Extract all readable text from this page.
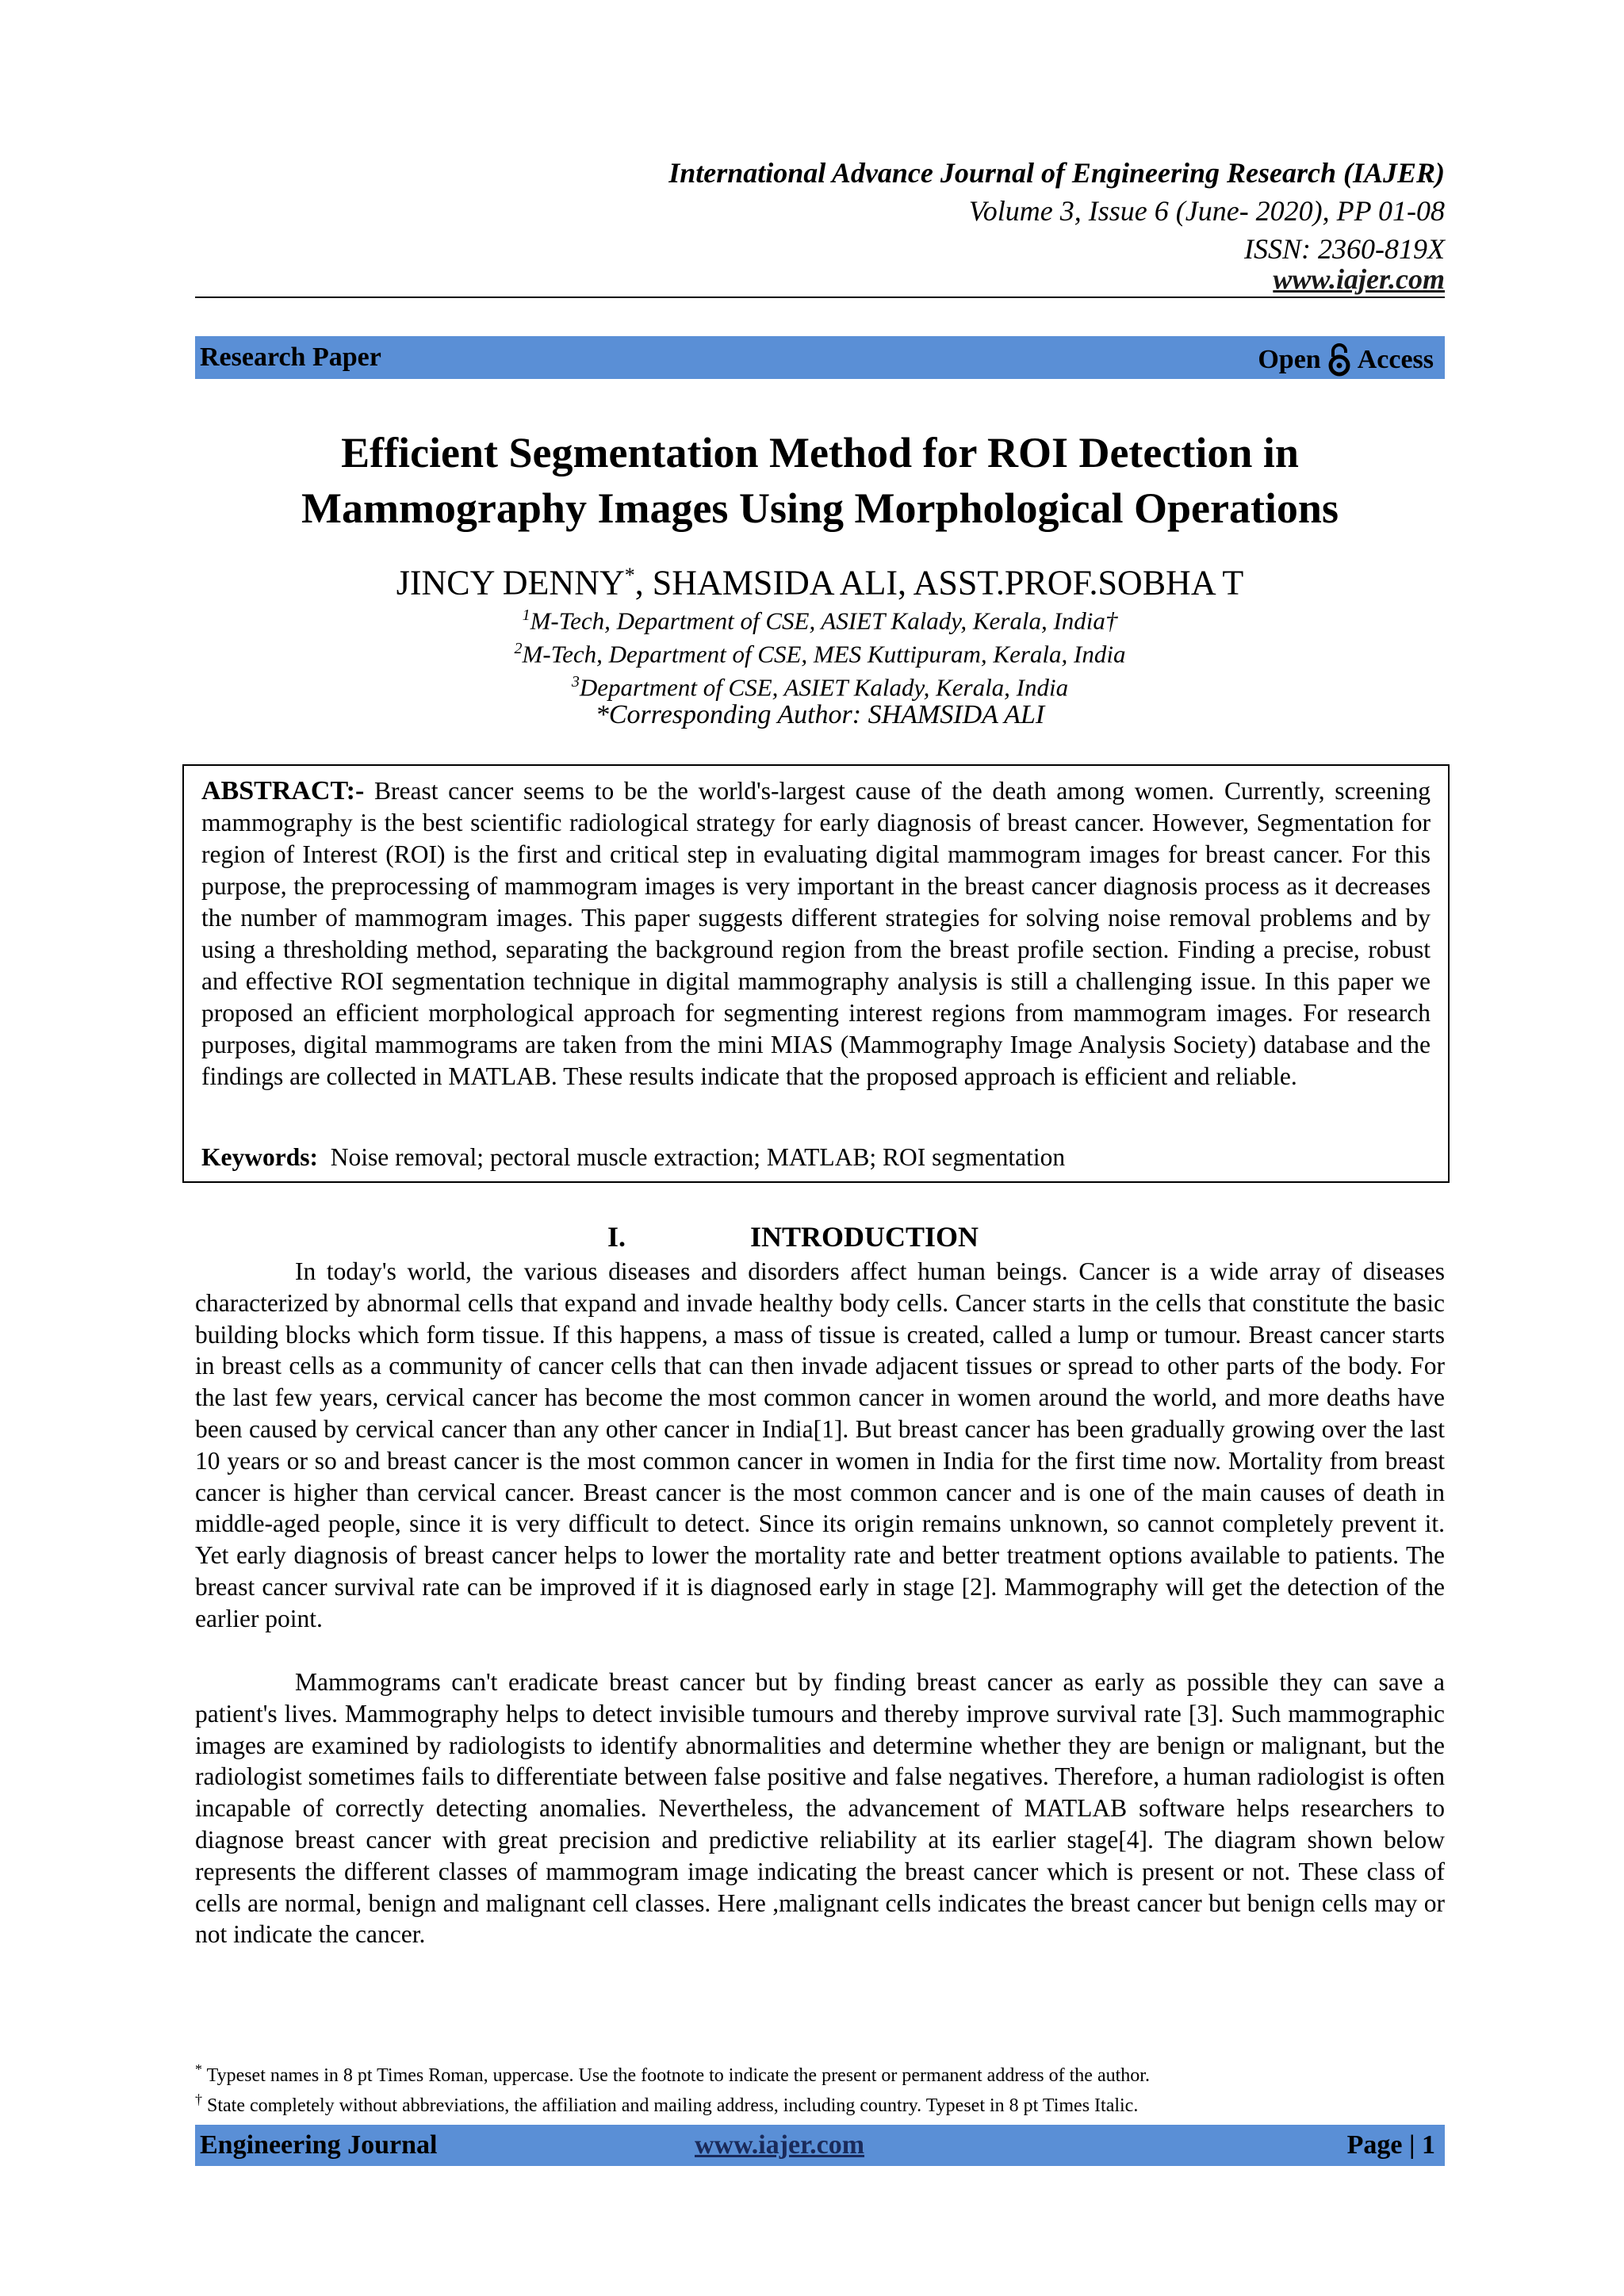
International Advance Journal of Engineering Research (IAJER)
Volume 3, Issue 6 (June- 2020), PP 01-08
ISSN: 2360-819X
www.iajer.com
Research Paper	Open Access
Efficient Segmentation Method for ROI Detection in
Mammography Images Using Morphological Operations
JINCY DENNY*, SHAMSIDA ALI, ASST.PROF.SOBHA T
$^1$M-Tech, Department of CSE, ASIET Kalady, Kerala, India†
$^2$M-Tech, Department of CSE, MES Kuttipuram, Kerala, India
$^3$Department of CSE, ASIET Kalady, Kerala, India
*Corresponding Author: SHAMSIDA ALI
ABSTRACT:- Breast cancer seems to be the world's-largest cause of the death among women. Currently, screening mammography is the best scientific radiological strategy for early diagnosis of breast cancer. However, Segmentation for region of Interest (ROI) is the first and critical step in evaluating digital mammogram images for breast cancer. For this purpose, the preprocessing of mammogram images is very important in the breast cancer diagnosis process as it decreases the number of mammogram images. This paper suggests different strategies for solving noise removal problems and by using a thresholding method, separating the background region from the breast profile section. Finding a precise, robust and effective ROI segmentation technique in digital mammography analysis is still a challenging issue. In this paper we proposed an efficient morphological approach for segmenting interest regions from mammogram images. For research purposes, digital mammograms are taken from the mini MIAS (Mammography Image Analysis Society) database and the findings are collected in MATLAB. These results indicate that the proposed approach is efficient and reliable.
Keywords: Noise removal; pectoral muscle extraction; MATLAB; ROI segmentation
I.	INTRODUCTION
In today's world, the various diseases and disorders affect human beings. Cancer is a wide array of diseases characterized by abnormal cells that expand and invade healthy body cells. Cancer starts in the cells that constitute the basic building blocks which form tissue. If this happens, a mass of tissue is created, called a lump or tumour. Breast cancer starts in breast cells as a community of cancer cells that can then invade adjacent tissues or spread to other parts of the body. For the last few years, cervical cancer has become the most common cancer in women around the world, and more deaths have been caused by cervical cancer than any other cancer in India[1]. But breast cancer has been gradually growing over the last 10 years or so and breast cancer is the most common cancer in women in India for the first time now. Mortality from breast cancer is higher than cervical cancer. Breast cancer is the most common cancer and is one of the main causes of death in middle-aged people, since it is very difficult to detect. Since its origin remains unknown, so cannot completely prevent it. Yet early diagnosis of breast cancer helps to lower the mortality rate and better treatment options available to patients. The breast cancer survival rate can be improved if it is diagnosed early in stage [2]. Mammography will get the detection of the earlier point.
Mammograms can't eradicate breast cancer but by finding breast cancer as early as possible they can save a patient's lives. Mammography helps to detect invisible tumours and thereby improve survival rate [3]. Such mammographic images are examined by radiologists to identify abnormalities and determine whether they are benign or malignant, but the radiologist sometimes fails to differentiate between false positive and false negatives. Therefore, a human radiologist is often incapable of correctly detecting anomalies. Nevertheless, the advancement of MATLAB software helps researchers to diagnose breast cancer with great precision and predictive reliability at its earlier stage[4]. The diagram shown below represents the different classes of mammogram image indicating the breast cancer which is present or not. These class of cells are normal, benign and malignant cell classes. Here ,malignant cells indicates the breast cancer but benign cells may or not indicate the cancer.
* Typeset names in 8 pt Times Roman, uppercase. Use the footnote to indicate the present or permanent address of the author.
† State completely without abbreviations, the affiliation and mailing address, including country. Typeset in 8 pt Times Italic.
Engineering Journal	www.iajer.com	Page | 1
